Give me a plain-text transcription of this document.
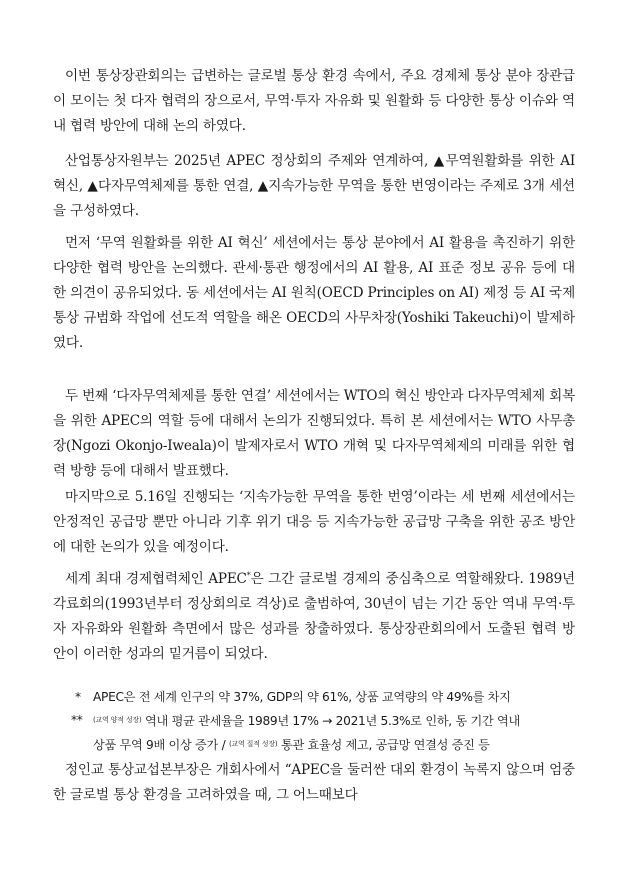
이번 통상장관회의는 급변하는 글로벌 통상 환경 속에서, 주요 경제체 통상 분야 장관급이 모이는 첫 다자 협력의 장으로서, 무역·투자 자유화 및 원활화 등 다양한 통상 이슈와 역내 협력 방안에 대해 논의 하였다.

산업통상자원부는 2025년 APEC 정상회의 주제와 연계하여, ▲무역원활화를 위한 AI 혁신, ▲다자무역체제를 통한 연결, ▲지속가능한 무역을 통한 번영이라는 주제로 3개 세션을 구성하였다.

먼저 ‘무역 원활화를 위한 AI 혁신’ 세션에서는 통상 분야에서 AI 활용을 촉진하기 위한 다양한 협력 방안을 논의했다. 관세·통관 행정에서의 AI 활용, AI 표준 정보 공유 등에 대한 의견이 공유되었다. 동 세션에서는 AI 원칙(OECD Principles on AI) 제정 등 AI 국제 통상 규범화 작업에 선도적 역할을 해온 OECD의 사무차장(Yoshiki Takeuchi)이 발제하였다.

두 번째 ‘다자무역체제를 통한 연결’ 세션에서는 WTO의 혁신 방안과 다자무역체제 회복을 위한 APEC의 역할 등에 대해서 논의가 진행되었다. 특히 본 세션에서는 WTO 사무총장(Ngozi Okonjo-Iweala)이 발제자로서 WTO 개혁 및 다자무역체제의 미래를 위한 협력 방향 등에 대해서 발표했다.

마지막으로 5.16일 진행되는 ‘지속가능한 무역을 통한 번영’이라는 세 번째 세션에서는 안정적인 공급망 뿐만 아니라 기후 위기 대응 등 지속가능한 공급망 구축을 위한 공조 방안에 대한 논의가 있을 예정이다.

세계 최대 경제협력체인 APEC*은 그간 글로벌 경제의 중심축으로 역할해왔다. 1989년 각료회의(1993년부터 정상회의로 격상)로 출범하여, 30년이 넘는 기간 동안 역내 무역·투자 자유화와 원활화 측면에서 많은 성과를 창출하였다. 통상장관회의에서 도출된 협력 방안이 이러한 성과의 밑거름이 되었다.

* APEC은 전 세계 인구의 약 37%, GDP의 약 61%, 상품 교역량의 약 49%를 차지
** $^{(교역 양적 성장)}$ 역내 평균 관세율을 1989년 17% → 2021년 5.3%로 인하, 동 기간 역내
상품 무역 9배 이상 증가 / $^{(교역 질적 성장)}$ 통관 효율성 제고, 공급망 연결성 증진 등

정인교 통상교섭본부장은 개회사에서 “APEC을 둘러싼 대외 환경이 녹록지 않으며 엄중한 글로벌 통상 환경을 고려하였을 때, 그 어느때보다
